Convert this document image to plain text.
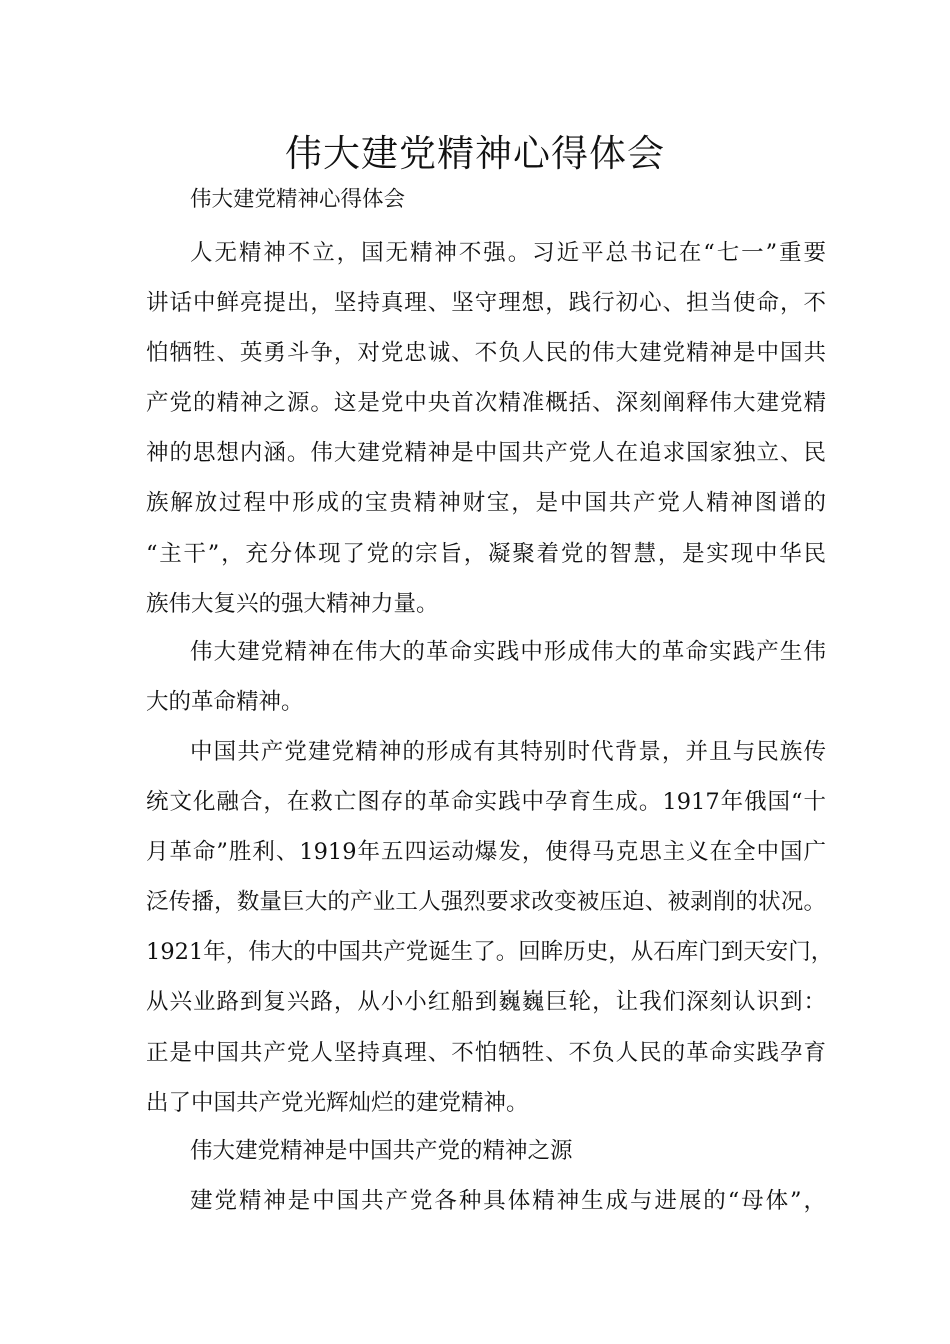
伟大建党精神心得体会

伟大建党精神心得体会

人无精神不立，国无精神不强。习近平总书记在“七一”重要
讲话中鲜亮提出，坚持真理、坚守理想，践行初心、担当使命，不
怕牺牲、英勇斗争，对党忠诚、不负人民的伟大建党精神是中国共
产党的精神之源。这是党中央首次精准概括、深刻阐释伟大建党精
神的思想内涵。伟大建党精神是中国共产党人在追求国家独立、民
族解放过程中形成的宝贵精神财宝，是中国共产党人精神图谱的
“主干”，充分体现了党的宗旨，凝聚着党的智慧，是实现中华民
族伟大复兴的强大精神力量。
伟大建党精神在伟大的革命实践中形成伟大的革命实践产生伟
大的革命精神。
中国共产党建党精神的形成有其特别时代背景，并且与民族传
统文化融合，在救亡图存的革命实践中孕育生成。1917年俄国“十
月革命”胜利、1919年五四运动爆发，使得马克思主义在全中国广
泛传播，数量巨大的产业工人强烈要求改变被压迫、被剥削的状况。
1921年，伟大的中国共产党诞生了。回眸历史，从石库门到天安门，
从兴业路到复兴路，从小小红船到巍巍巨轮，让我们深刻认识到：
正是中国共产党人坚持真理、不怕牺牲、不负人民的革命实践孕育
出了中国共产党光辉灿烂的建党精神。
伟大建党精神是中国共产党的精神之源
建党精神是中国共产党各种具体精神生成与进展的“母体”，
